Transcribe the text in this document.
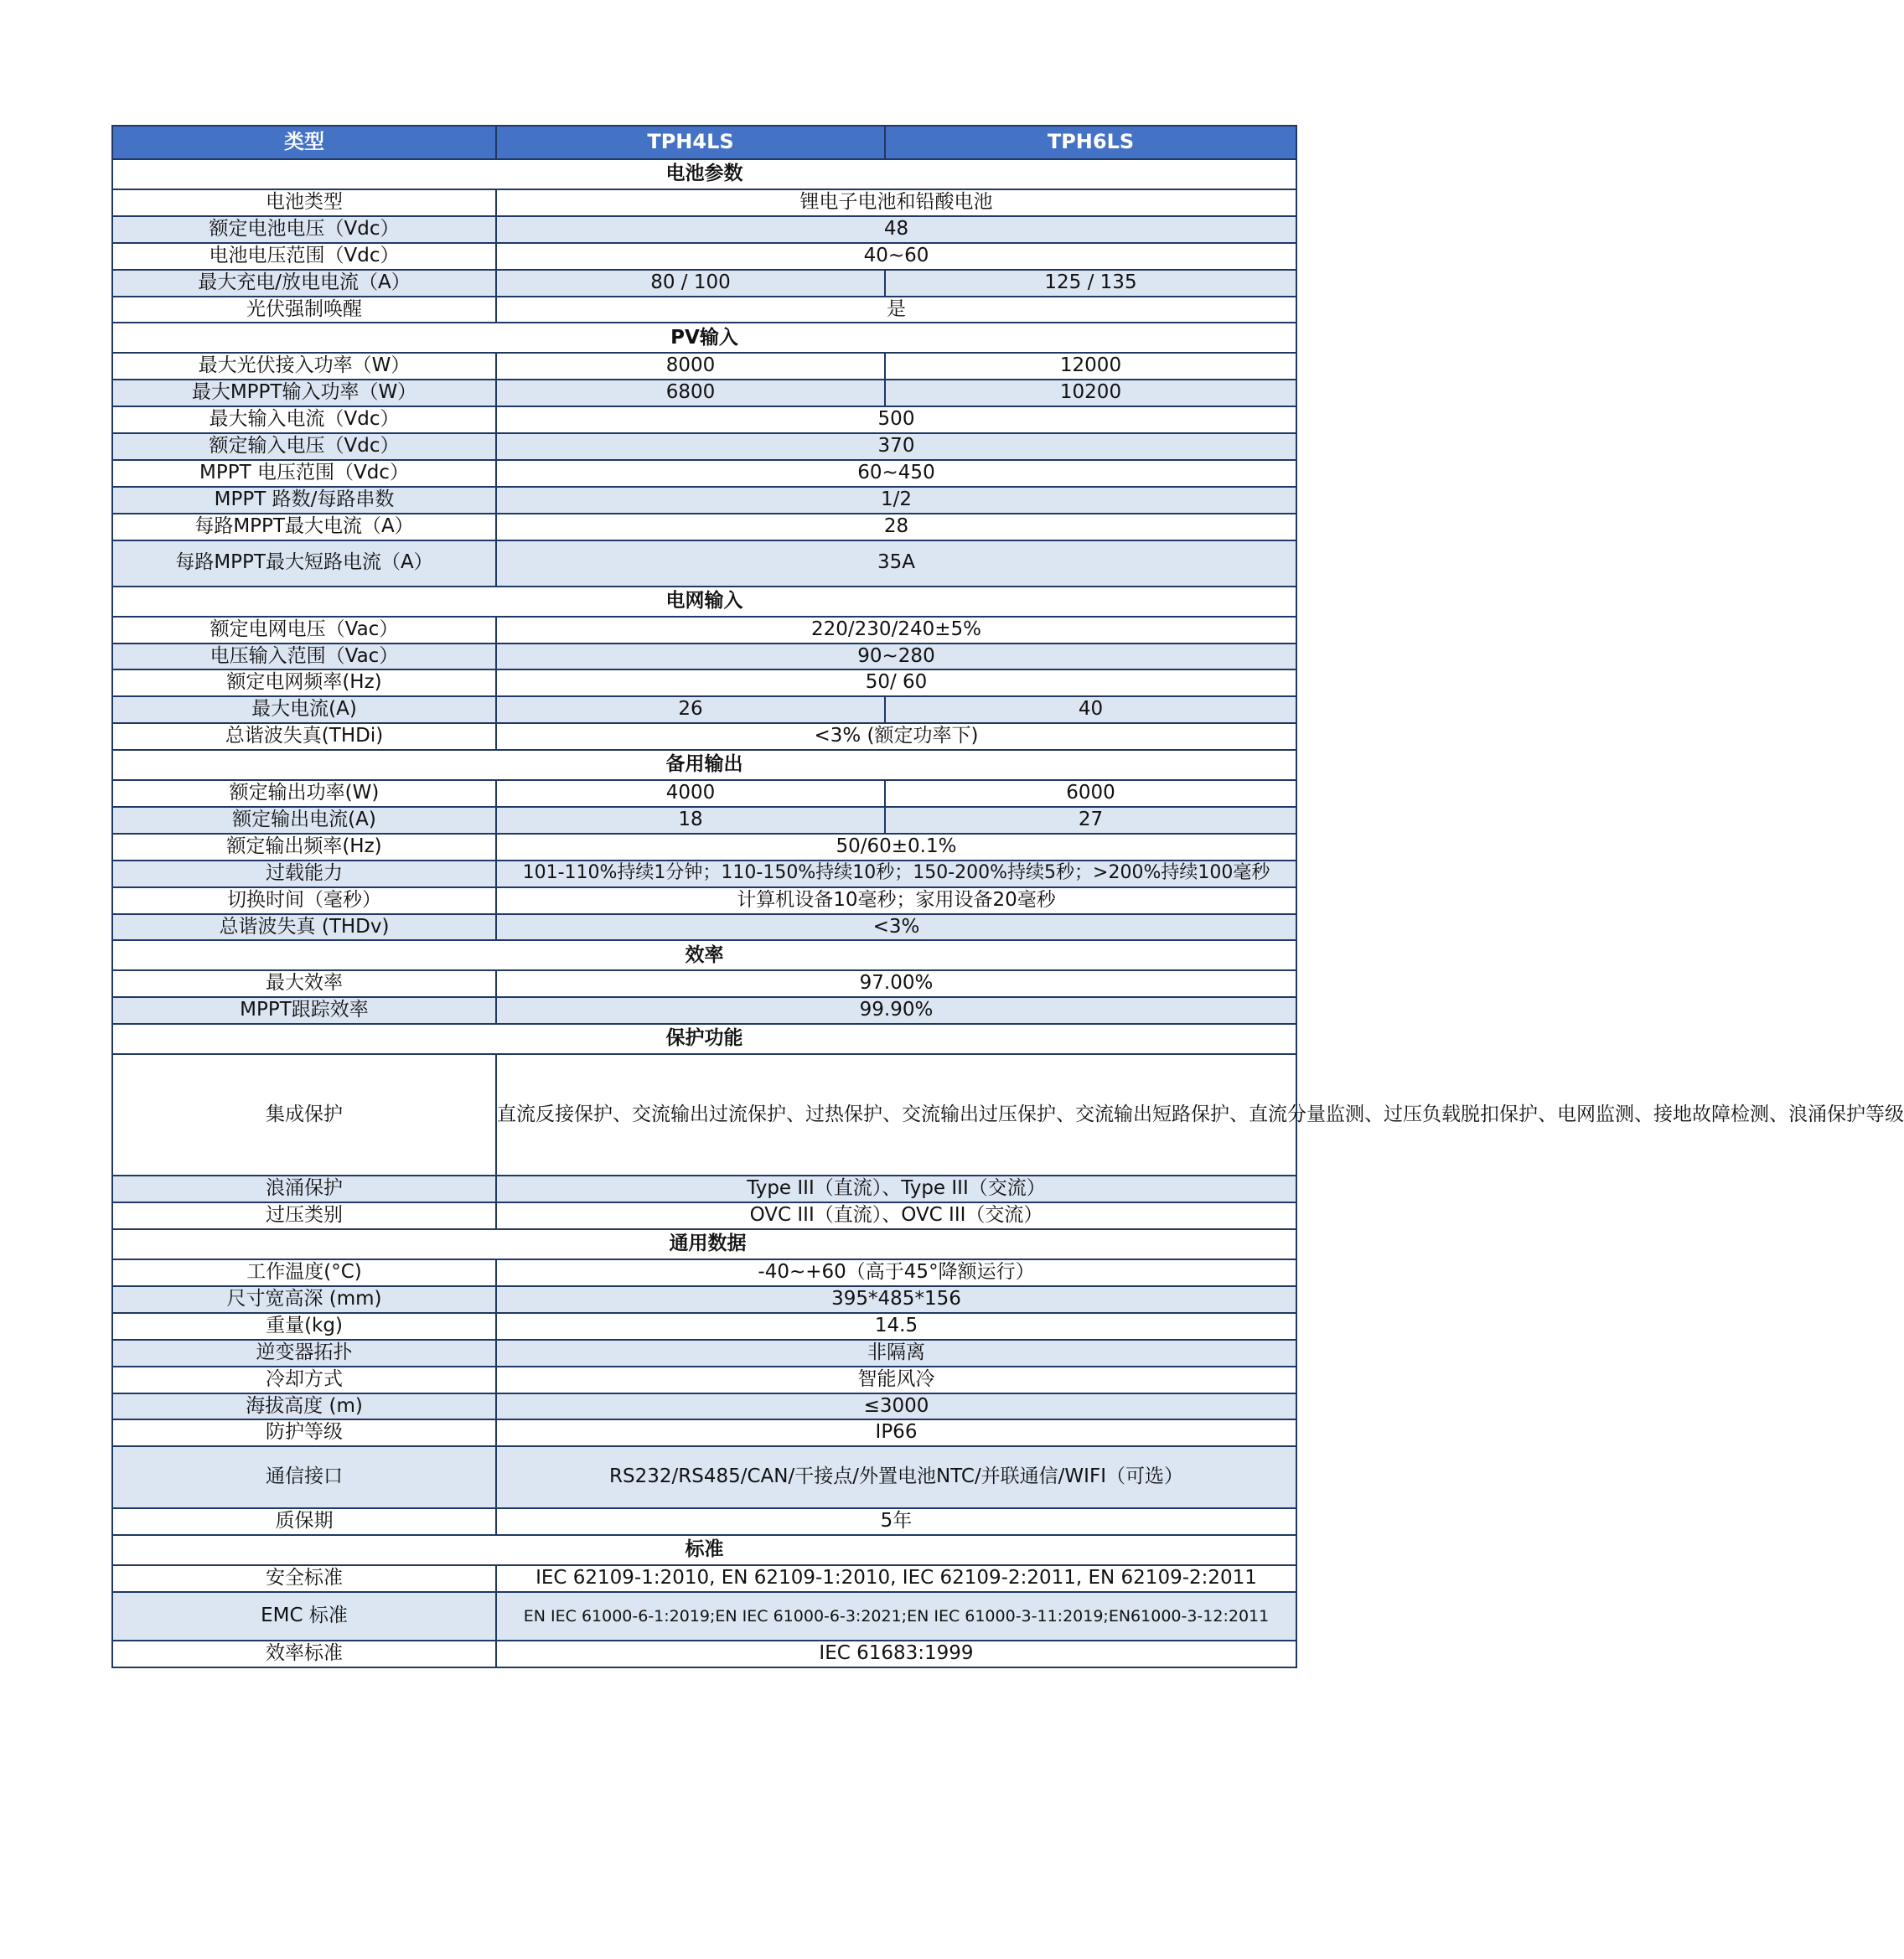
类型	TPH4LS	TPH6LS
电池参数		
电池类型	锂电子电池和铅酸电池	
额定电池电压（Vdc）	48	
电池电压范围（Vdc）	40~60	
最大充电/放电电流（A）	80 / 100	125 / 135
光伏强制唤醒	是	
PV输入		
最大光伏接入功率（W）	8000	12000
最大MPPT输入功率（W）	6800	10200
最大输入电流（Vdc）	500	
额定输入电压（Vdc）	370	
MPPT 电压范围（Vdc）	60~450	
MPPT 路数/每路串数	1/2	
每路MPPT最大电流（A）	28	
每路MPPT最大短路电流（A）	35A	
电网输入		
额定电网电压（Vac）	220/230/240±5%	
电压输入范围（Vac）	90~280	
额定电网频率(Hz)	50/ 60	
最大电流(A)	26	40
总谐波失真(THDi)	<3% (额定功率下)	
备用输出		
额定输出功率(W)	4000	6000
额定输出电流(A)	18	27
额定输出频率(Hz)	50/60±0.1%	
过载能力	101-110%持续1分钟；110-150%持续10秒；150-200%持续5秒；>200%持续100毫秒	
切换时间（毫秒）	计算机设备10毫秒；家用设备20毫秒	
总谐波失真 (THDv)	<3%	
效率		
最大效率	97.00%	
MPPT跟踪效率	99.90%	
保护功能		
集成保护	直流反接保护、交流输出过流保护、过热保护、交流输出过压保护、交流输出短路保护、直流分量监测、过压负载脱扣保护、电网监测、接地故障检测、浪涌保护等级	
浪涌保护	Type III（直流）、Type III（交流）	
过压类别	OVC III（直流）、OVC III（交流）	
通用数据		
工作温度(°C)	-40~+60（高于45°降额运行）	
尺寸宽高深 (mm)	395*485*156	
重量(kg)	14.5	
逆变器拓扑	非隔离	
冷却方式	智能风冷	
海拔高度 (m)	≤3000	
防护等级	IP66	
通信接口	RS232/RS485/CAN/干接点/外置电池NTC/并联通信/WIFI（可选）	
质保期	5年	
标准		
安全标准	IEC 62109-1:2010, EN 62109-1:2010, IEC 62109-2:2011, EN 62109-2:2011	
EMC 标准	EN IEC 61000-6-1:2019;EN IEC 61000-6-3:2021;EN IEC 61000-3-11:2019;EN61000-3-12:2011	
效率标准	IEC 61683:1999	
